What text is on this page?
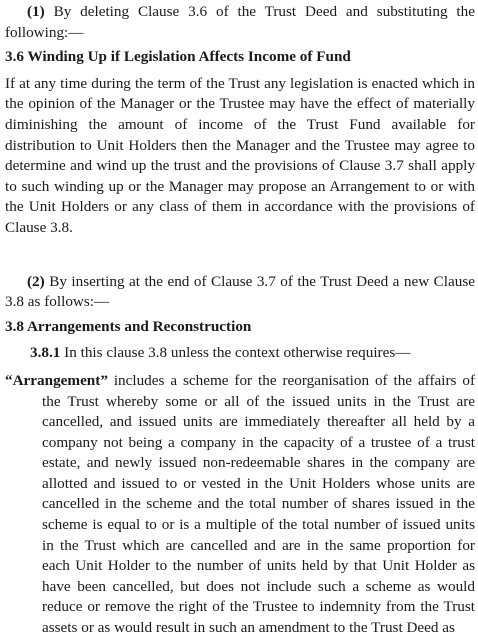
(1) By deleting Clause 3.6 of the Trust Deed and substituting the following:—

3.6 Winding Up if Legislation Affects Income of Fund

If at any time during the term of the Trust any legislation is enacted which in the opinion of the Manager or the Trustee may have the effect of materially diminishing the amount of income of the Trust Fund available for distribution to Unit Holders then the Manager and the Trustee may agree to determine and wind up the trust and the provisions of Clause 3.7 shall apply to such winding up or the Manager may propose an Arrangement to or with the Unit Holders or any class of them in accordance with the provisions of Clause 3.8.

(2) By inserting at the end of Clause 3.7 of the Trust Deed a new Clause 3.8 as follows:—

3.8 Arrangements and Reconstruction

3.8.1 In this clause 3.8 unless the context otherwise requires—

“Arrangement” includes a scheme for the reorganisation of the affairs of the Trust whereby some or all of the issued units in the Trust are cancelled, and issued units are immediately thereafter all held by a company not being a company in the capacity of a trustee of a trust estate, and newly issued non-redeemable shares in the company are allotted and issued to or vested in the Unit Holders whose units are cancelled in the scheme and the total number of shares issued in the scheme is equal to or is a multiple of the total number of issued units in the Trust which are cancelled and are in the same proportion for each Unit Holder to the number of units held by that Unit Holder as have been cancelled, but does not include such a scheme as would reduce or remove the right of the Trustee to indemnity from the Trust assets or as would result in such an amendment to the Trust Deed as
